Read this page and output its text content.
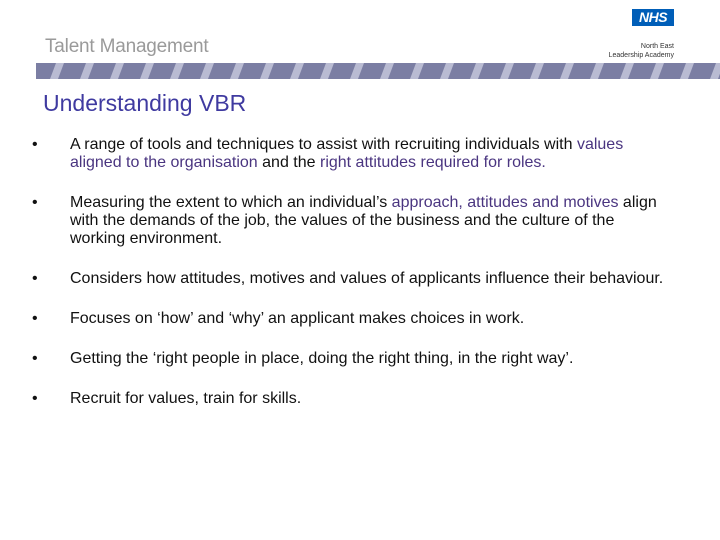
Talent Management
NHS
North East
Leadership Academy
Understanding VBR
• A range of tools and techniques to assist with recruiting individuals with values aligned to the organisation and the right attitudes required for roles.
• Measuring the extent to which an individual’s approach, attitudes and motives align with the demands of the job, the values of the business and the culture of the working environment.
• Considers how attitudes, motives and values of applicants influence their behaviour.
• Focuses on ‘how’ and ‘why’ an applicant makes choices in work.
• Getting the ‘right people in place, doing the right thing, in the right way’.
• Recruit for values, train for skills.
